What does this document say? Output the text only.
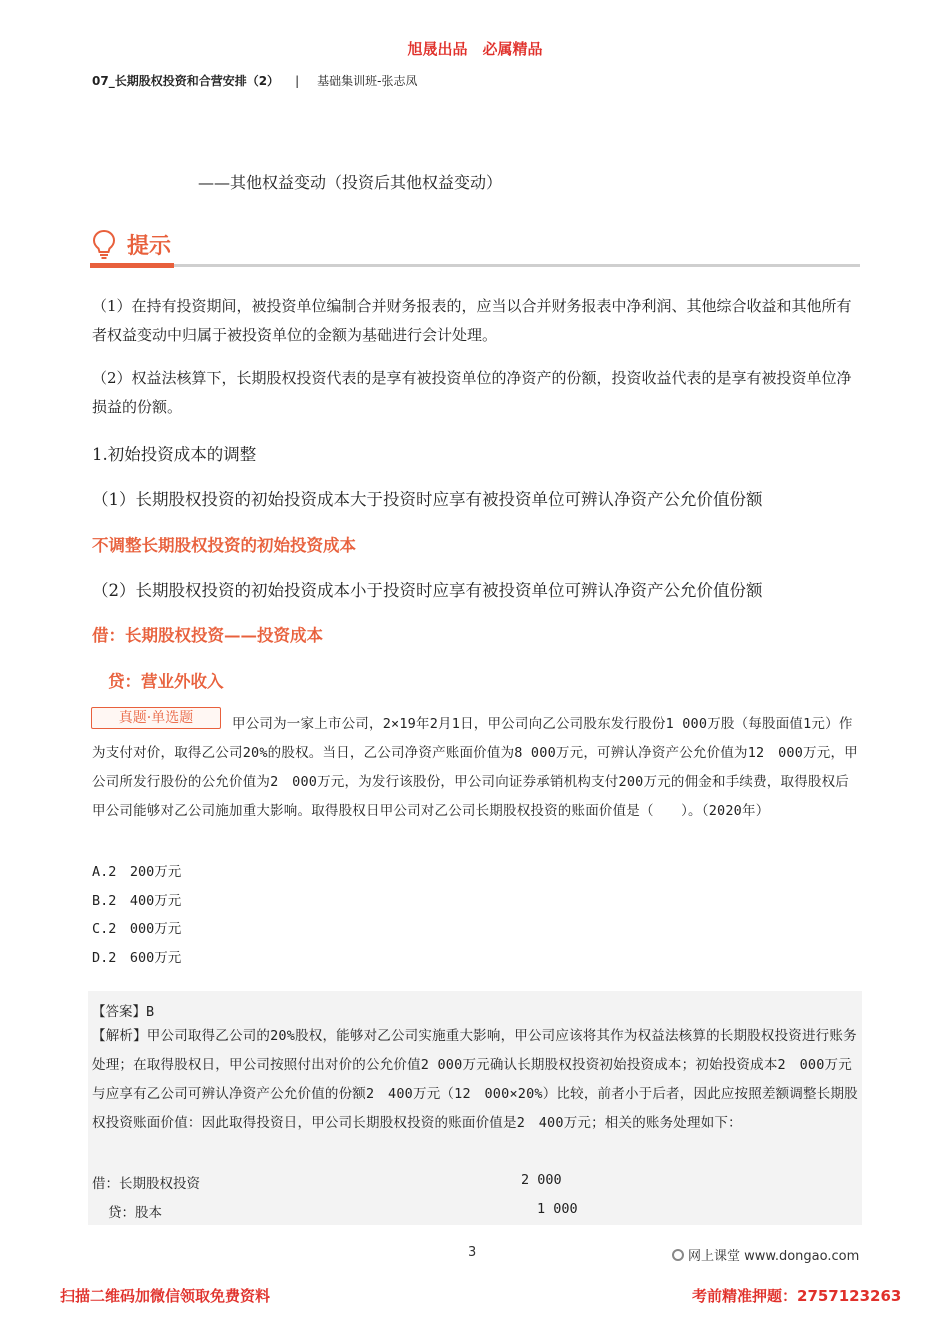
旭晟出品　必属精品
07_长期股权投资和合营安排（2） | 基础集训班-张志凤
——其他权益变动（投资后其他权益变动）
提示
（1）在持有投资期间，被投资单位编制合并财务报表的，应当以合并财务报表中净利润、其他综合收益和其他所有者权益变动中归属于被投资单位的金额为基础进行会计处理。
（2）权益法核算下，长期股权投资代表的是享有被投资单位的净资产的份额，投资收益代表的是享有被投资单位净损益的份额。
1.初始投资成本的调整
（1）长期股权投资的初始投资成本大于投资时应享有被投资单位可辨认净资产公允价值份额
不调整长期股权投资的初始投资成本
（2）长期股权投资的初始投资成本小于投资时应享有被投资单位可辨认净资产公允价值份额
借：长期股权投资——投资成本
贷：营业外收入
甲公司为一家上市公司，2×19年2月1日，甲公司向乙公司股东发行股份1 000万股（每股面值1元）作为支付对价，取得乙公司20%的股权。当日，乙公司净资产账面价值为8 000万元，可辨认净资产公允价值为12　000万元，甲公司所发行股份的公允价值为2　000万元，为发行该股份，甲公司向证券承销机构支付200万元的佣金和手续费，取得股权后甲公司能够对乙公司施加重大影响。取得股权日甲公司对乙公司长期股权投资的账面价值是（　　）。（2020年）
真题·单选题
A.2　200万元
B.2　400万元
C.2　000万元
D.2　600万元
【答案】B
【解析】甲公司取得乙公司的20%股权，能够对乙公司实施重大影响，甲公司应该将其作为权益法核算的长期股权投资进行账务处理；在取得股权日，甲公司按照付出对价的公允价值2 000万元确认长期股权投资初始投资成本；初始投资成本2　000万元与应享有乙公司可辨认净资产公允价值的份额2　400万元（12　000×20%）比较，前者小于后者，因此应按照差额调整长期股权投资账面价值：因此取得投资日，甲公司长期股权投资的账面价值是2　400万元；相关的账务处理如下：
借：长期股权投资	2 000
贷：股本	1 000
3	网上课堂 www.dongao.com
扫描二维码加微信领取免费资料	考前精准押题：2757123263
